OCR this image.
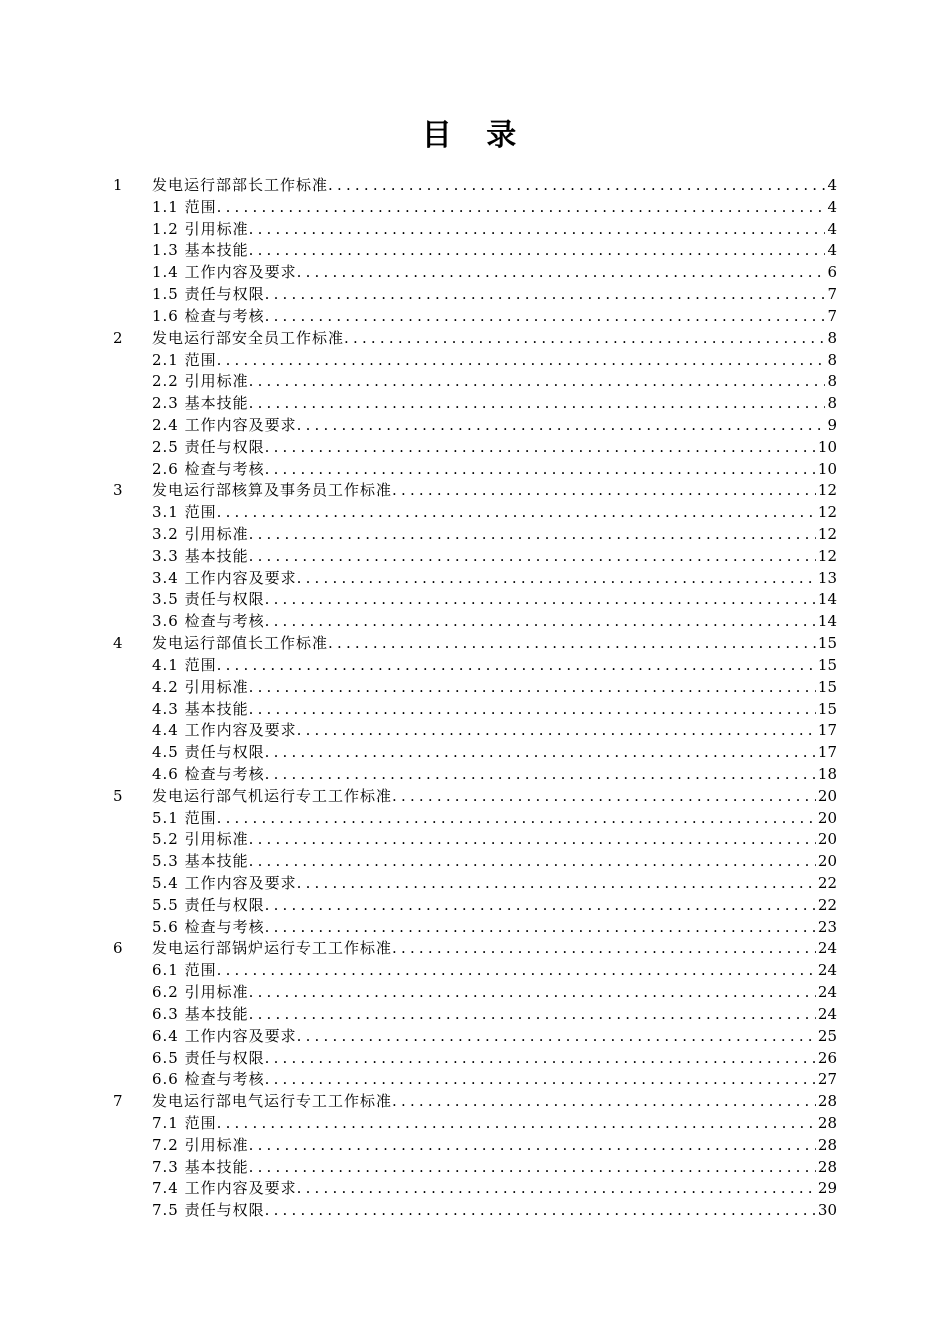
目 录
1 发电运行部部长工作标准 .....	4
1.1 范围 .....	4
1.2 引用标准 .....	4
1.3 基本技能 .....	4
1.4 工作内容及要求 .....	6
1.5 责任与权限 .....	7
1.6 检查与考核 .....	7
2 发电运行部安全员工作标准 .....	8
2.1 范围 .....	8
2.2 引用标准 .....	8
2.3 基本技能 .....	8
2.4 工作内容及要求 .....	9
2.5 责任与权限 .....	10
2.6 检查与考核 .....	10
3 发电运行部核算及事务员工作标准 .....	12
3.1 范围 .....	12
3.2 引用标准 .....	12
3.3 基本技能 .....	12
3.4 工作内容及要求 .....	13
3.5 责任与权限 .....	14
3.6 检查与考核 .....	14
4 发电运行部值长工作标准 .....	15
4.1 范围 .....	15
4.2 引用标准 .....	15
4.3 基本技能 .....	15
4.4 工作内容及要求 .....	17
4.5 责任与权限 .....	17
4.6 检查与考核 .....	18
5 发电运行部气机运行专工工作标准 .....	20
5.1 范围 .....	20
5.2 引用标准 .....	20
5.3 基本技能 .....	20
5.4 工作内容及要求 .....	22
5.5 责任与权限 .....	22
5.6 检查与考核 .....	23
6 发电运行部锅炉运行专工工作标准 .....	24
6.1 范围 .....	24
6.2 引用标准 .....	24
6.3 基本技能 .....	24
6.4 工作内容及要求 .....	25
6.5 责任与权限 .....	26
6.6 检查与考核 .....	27
7 发电运行部电气运行专工工作标准 .....	28
7.1 范围 .....	28
7.2 引用标准 .....	28
7.3 基本技能 .....	28
7.4 工作内容及要求 .....	29
7.5 责任与权限 .....	30
